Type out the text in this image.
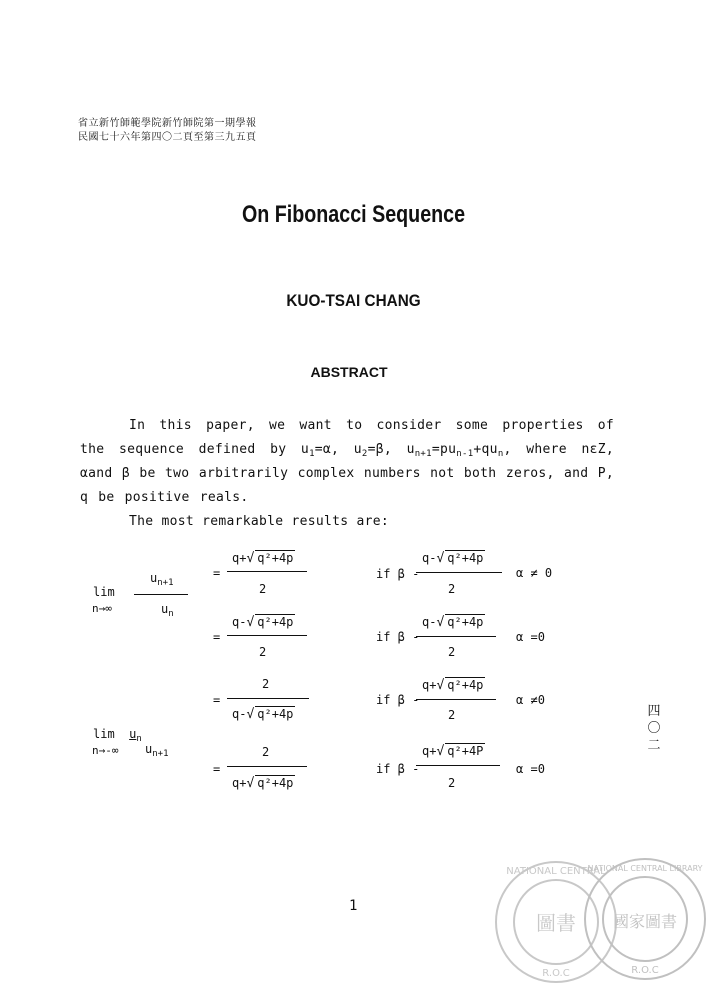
省立新竹師範學院新竹師院第一期學報
民國七十六年第四〇二頁至第三九五頁
On Fibonacci Sequence
KUO-TSAI CHANG
ABSTRACT
In this paper, we want to consider some properties of
the sequence defined by $u_1=\alpha$, $u_2=\beta$, $u_{n+1}=pu_{n-1}+qu_n$, where nεZ,
αand β be two arbitrarily complex numbers not both zeros, and P,
q be positive reals.
The most remarkable results are:
lim
n→∞
$u_{n+1}$
$u_n$
=
q+√ q²+4p
2
if β -
q-√ q²+4p
2
α ≠ 0
=
q-√ q²+4p
2
if β -
q-√ q²+4p
2
α =0
=
2
q-√ q²+4p
if β -
q+√ q²+4p
2
α ≠0
$\lim u_n$
n→-∞ $u_{n+1}$
=
2
q+√ q²+4p
if β -
q+√ q²+4P
2
α =0
四〇二
1
NATIONAL CENTRAL
圖書
R.O.C
NATIONAL CENTRAL LIBRARY
國家圖書
R.O.C
